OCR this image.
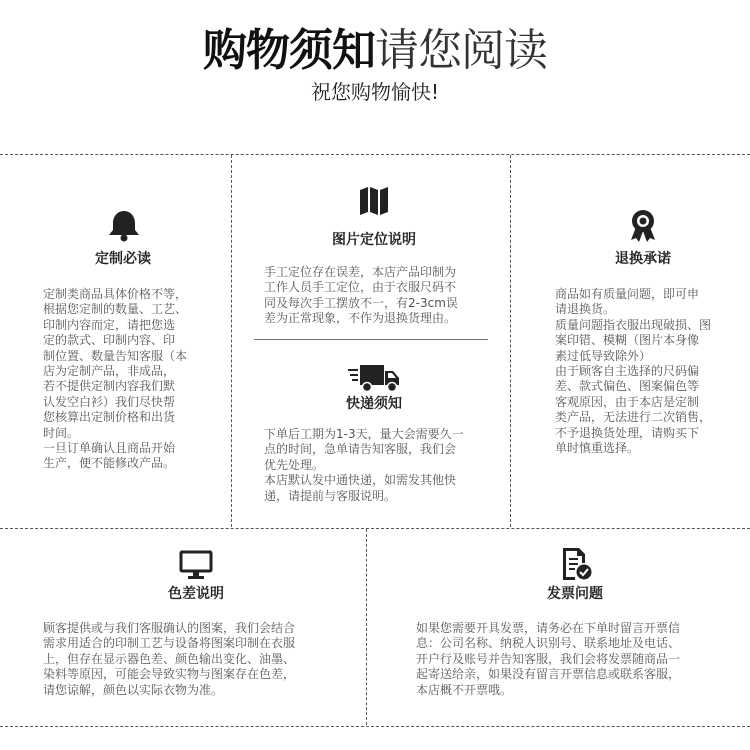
购物须知请您阅读
祝您购物愉快!
定制必读
定制类商品具体价格不等，
根据您定制的数量、工艺、
印制内容而定，请把您选
定的款式、印制内容、印
制位置、数量告知客服（本
店为定制产品，非成品，
若不提供定制内容我们默
认发空白衫）我们尽快帮
您核算出定制价格和出货
时间。
一旦订单确认且商品开始
生产，便不能修改产品。
图片定位说明
手工定位存在误差，本店产品印制为
工作人员手工定位，由于衣服尺码不
同及每次手工摆放不一，有2-3cm误
差为正常现象，不作为退换货理由。
快递须知
下单后工期为1-3天，量大会需要久一
点的时间，急单请告知客服，我们会
优先处理。
本店默认发中通快递，如需发其他快
递，请提前与客服说明。
退换承诺
商品如有质量问题，即可申
请退换货。
质量问题指衣服出现破损、图
案印错、模糊（图片本身像
素过低导致除外）
由于顾客自主选择的尺码偏
差、款式偏色、图案偏色等
客观原因，由于本店是定制
类产品，无法进行二次销售，
不予退换货处理，请购买下
单时慎重选择。
色差说明
顾客提供或与我们客服确认的图案，我们会结合
需求用适合的印制工艺与设备将图案印制在衣服
上，但存在显示器色差、颜色输出变化、油墨、
染料等原因，可能会导致实物与图案存在色差，
请您谅解，颜色以实际衣物为准。
发票问题
如果您需要开具发票，请务必在下单时留言开票信
息：公司名称、纳税人识别号、联系地址及电话、
开户行及账号并告知客服，我们会将发票随商品一
起寄送给亲，如果没有留言开票信息或联系客服，
本店概不开票哦。
